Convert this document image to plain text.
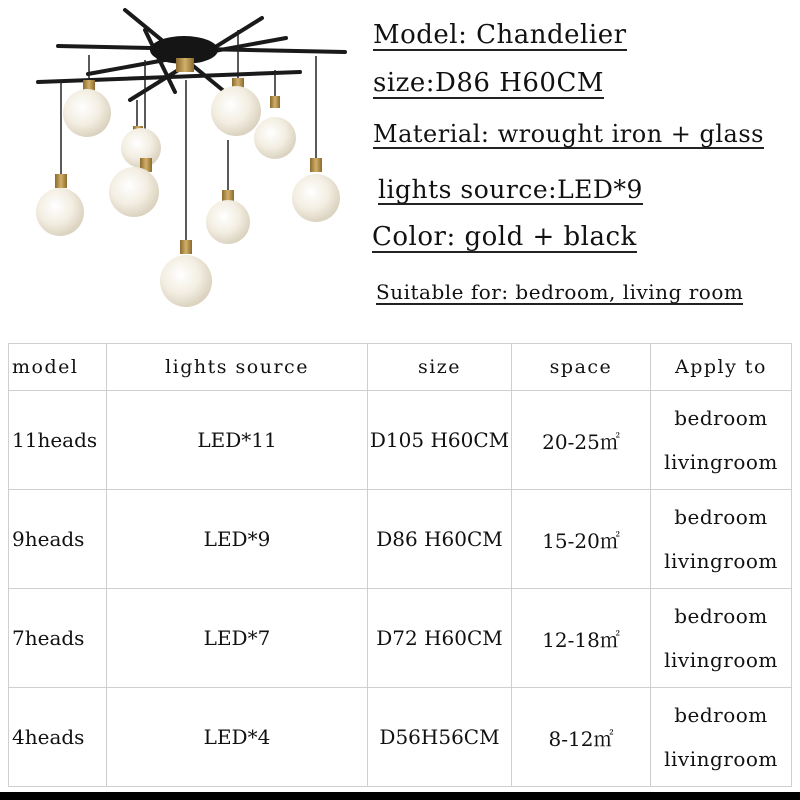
Model: Chandelier
size:D86 H60CM
Material: wrought iron + glass
lights source:LED*9
Color: gold + black
Suitable for: bedroom, living room
model	lights source	size	space	Apply to
11heads	LED*11	D105 H60CM	20-25㎡	bedroom
livingroom

9heads	LED*9	D86 H60CM	15-20㎡	bedroom
livingroom

7heads	LED*7	D72 H60CM	12-18㎡	bedroom
livingroom

4heads	LED*4	D56H56CM	8-12㎡	bedroom
livingroom
